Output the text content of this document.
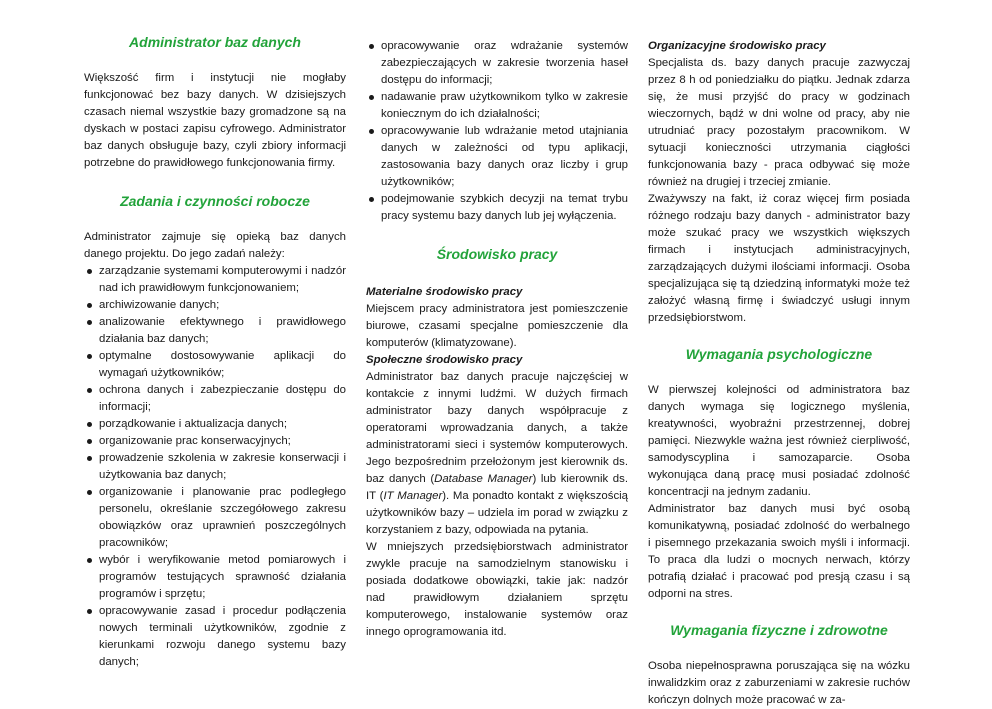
Administrator baz danych

Większość firm i instytucji nie mogłaby funkcjonować bez bazy danych. W dzisiejszych czasach niemal wszystkie bazy gromadzone są na dyskach w postaci zapisu cyfrowego. Administrator baz danych obsługuje bazy, czyli zbiory informacji potrzebne do prawidłowego funkcjonowania firmy.

Zadania i czynności robocze

Administrator zajmuje się opieką baz danych danego projektu. Do jego zadań należy:

zarządzanie systemami komputerowymi i nadzór nad ich prawidłowym funkcjonowaniem;
archiwizowanie danych;
analizowanie efektywnego i prawidłowego działania baz danych;
optymalne dostosowywanie aplikacji do wymagań użytkowników;
ochrona danych i zabezpieczanie dostępu do informacji;
porządkowanie i aktualizacja danych;
organizowanie prac konserwacyjnych;
prowadzenie szkolenia w zakresie konserwacji i użytkowania baz danych;
organizowanie i planowanie prac podległego personelu, określanie szczegółowego zakresu obowiązków oraz uprawnień poszczególnych pracowników;
wybór i weryfikowanie metod pomiarowych i programów testujących sprawność działania programów i sprzętu;
opracowywanie zasad i procedur podłączenia nowych terminali użytkowników, zgodnie z kierunkami rozwoju danego systemu bazy danych;
opracowywanie oraz wdrażanie systemów zabezpieczających w zakresie tworzenia haseł dostępu do informacji;
nadawanie praw użytkownikom tylko w zakresie koniecznym do ich działalności;
opracowywanie lub wdrażanie metod utajniania danych w zależności od typu aplikacji, zastosowania bazy danych oraz liczby i grup użytkowników;
podejmowanie szybkich decyzji na temat trybu pracy systemu bazy danych lub jej wyłączenia.
Środowisko pracy
Materialne środowisko pracy

Miejscem pracy administratora jest pomieszczenie biurowe, czasami specjalne pomieszczenie dla komputerów (klimatyzowane).

Społeczne środowisko pracy

Administrator baz danych pracuje najczęściej w kontakcie z innymi ludźmi. W dużych firmach administrator bazy danych współpracuje z operatorami wprowadzania danych, a także administratorami sieci i systemów komputerowych. Jego bezpośrednim przełożonym jest kierownik ds. baz danych (Database Manager) lub kierownik ds. IT (IT Manager). Ma ponadto kontakt z większością użytkowników bazy – udziela im porad w związku z korzystaniem z bazy, odpowiada na pytania.

W mniejszych przedsiębiorstwach administrator zwykle pracuje na samodzielnym stanowisku i posiada dodatkowe obowiązki, takie jak: nadzór nad prawidłowym działaniem sprzętu komputerowego, instalowanie systemów oraz innego oprogramowania itd.

Organizacyjne środowisko pracy

Specjalista ds. bazy danych pracuje zazwyczaj przez 8 h od poniedziałku do piątku. Jednak zdarza się, że musi przyjść do pracy w godzinach wieczornych, bądź w dni wolne od pracy, aby nie utrudniać pracy pozostałym pracownikom. W sytuacji konieczności utrzymania ciągłości funkcjonowania bazy - praca odbywać się może również na drugiej i trzeciej zmianie.

Zważywszy na fakt, iż coraz więcej firm posiada różnego rodzaju bazy danych - administrator bazy może szukać pracy we wszystkich większych firmach i instytucjach administracyjnych, zarządzających dużymi ilościami informacji. Osoba specjalizująca się tą dziedziną informatyki może też założyć własną firmę i świadczyć usługi innym przedsiębiorstwom.

Wymagania psychologiczne

W pierwszej kolejności od administratora baz danych wymaga się logicznego myślenia, kreatywności, wyobraźni przestrzennej, dobrej pamięci. Niezwykle ważna jest również cierpliwość, samodyscyplina i samozaparcie. Osoba wykonująca daną pracę musi posiadać zdolność koncentracji na jednym zadaniu.

Administrator baz danych musi być osobą komunikatywną, posiadać zdolność do werbalnego i pisemnego przekazania swoich myśli i informacji. To praca dla ludzi o mocnych nerwach, którzy potrafią działać i pracować pod presją czasu i są odporni na stres.

Wymagania fizyczne i zdrowotne

Osoba niepełnosprawna poruszająca się na wózku inwalidzkim oraz z zaburzeniami w zakresie ruchów kończyn dolnych może pracować w za-
